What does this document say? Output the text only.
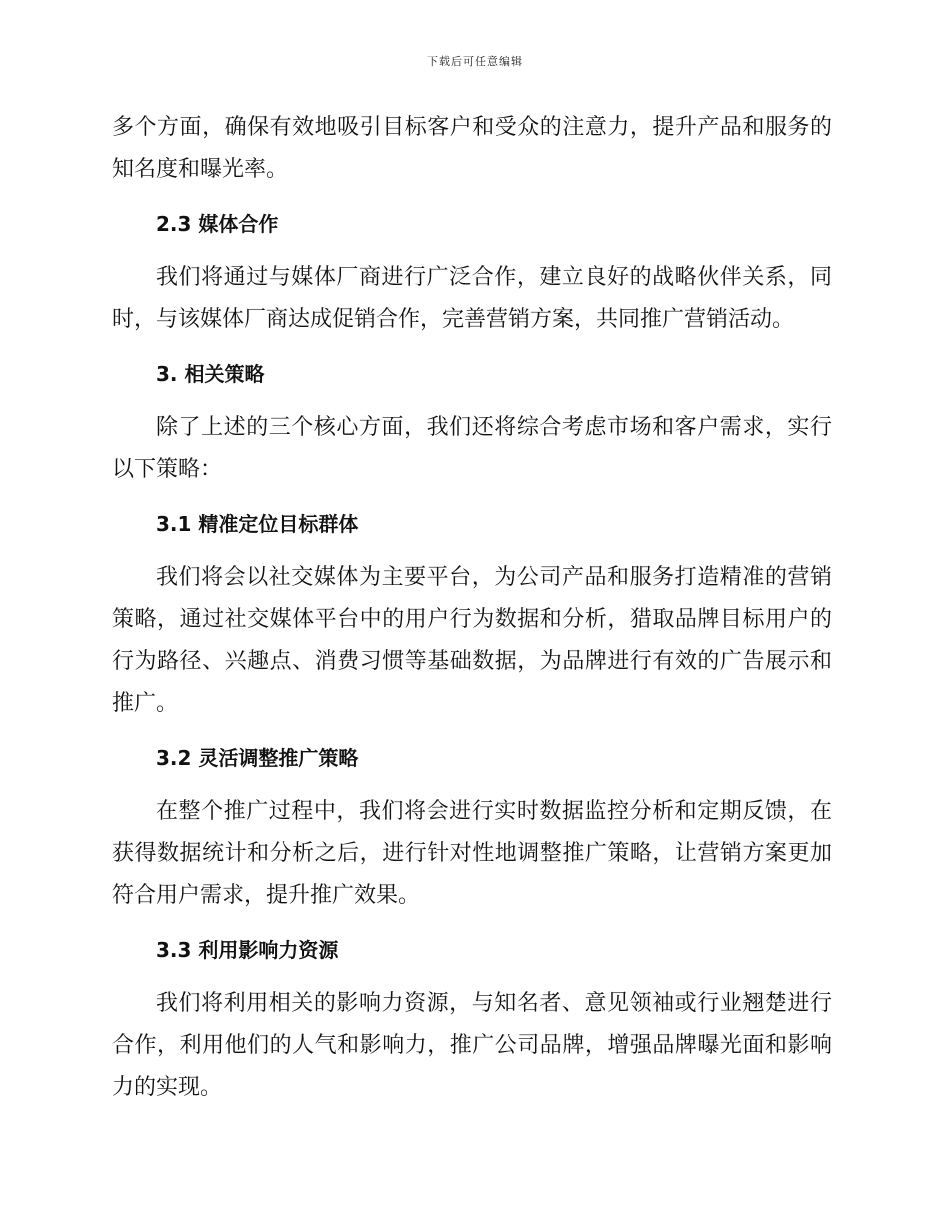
下载后可任意编辑

多个方面，确保有效地吸引目标客户和受众的注意力，提升产品和服务的知名度和曝光率。

2.3 媒体合作

我们将通过与媒体厂商进行广泛合作，建立良好的战略伙伴关系，同时，与该媒体厂商达成促销合作，完善营销方案，共同推广营销活动。

3. 相关策略

除了上述的三个核心方面，我们还将综合考虑市场和客户需求，实行以下策略：

3.1 精准定位目标群体

我们将会以社交媒体为主要平台，为公司产品和服务打造精准的营销策略，通过社交媒体平台中的用户行为数据和分析，猎取品牌目标用户的行为路径、兴趣点、消费习惯等基础数据，为品牌进行有效的广告展示和推广。

3.2 灵活调整推广策略

在整个推广过程中，我们将会进行实时数据监控分析和定期反馈，在获得数据统计和分析之后，进行针对性地调整推广策略，让营销方案更加符合用户需求，提升推广效果。

3.3 利用影响力资源

我们将利用相关的影响力资源，与知名者、意见领袖或行业翘楚进行合作，利用他们的人气和影响力，推广公司品牌，增强品牌曝光面和影响力的实现。
